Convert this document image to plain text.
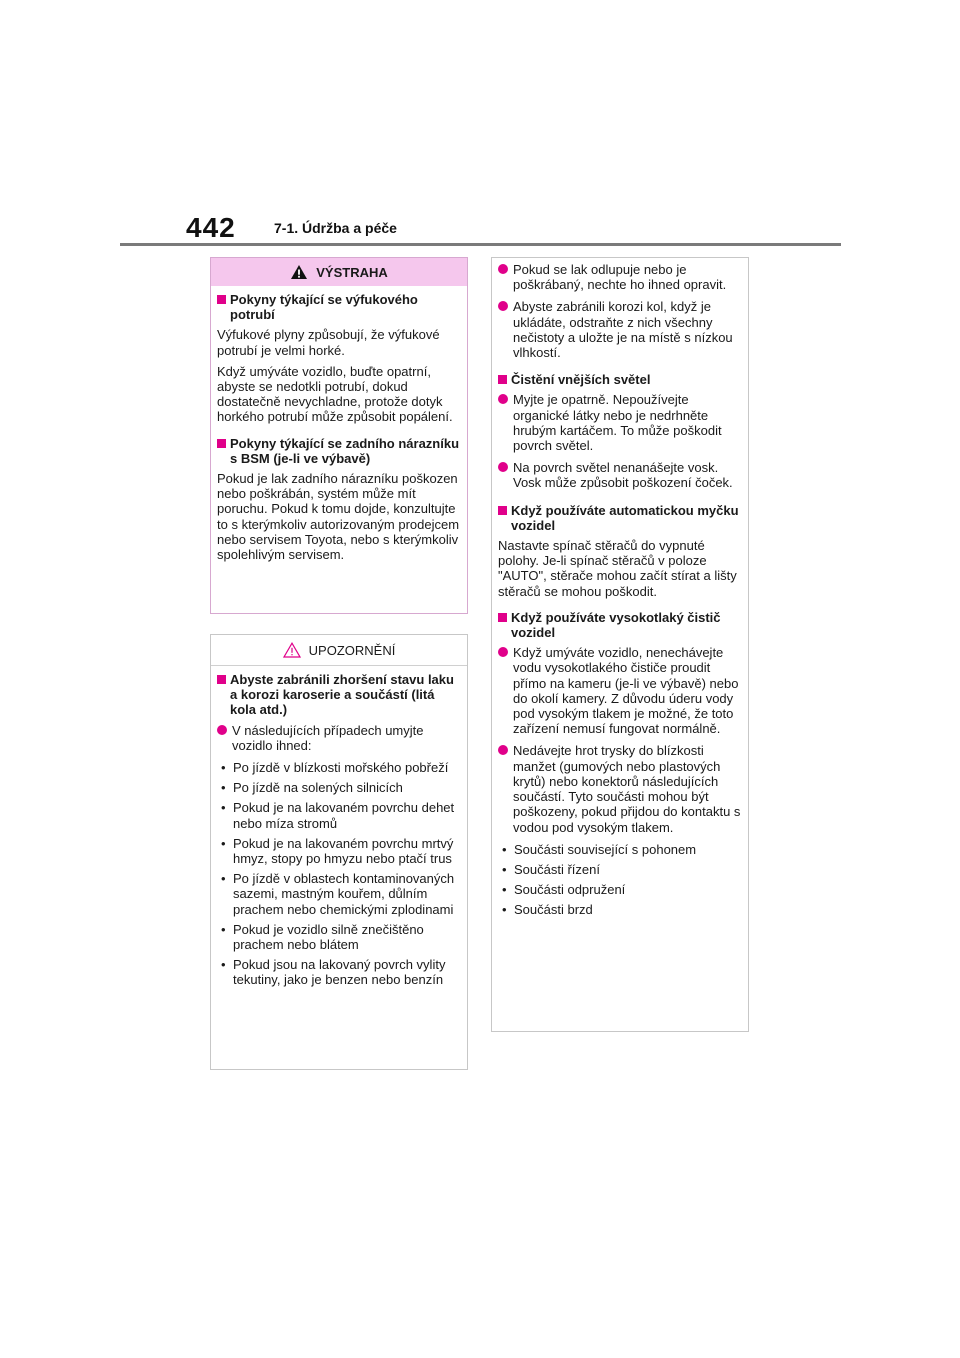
442	7-1. Údržba a péče
VÝSTRAHA
Pokyny týkající se výfukového potrubí
Výfukové plyny způsobují, že výfukové potrubí je velmi horké.
Když umýváte vozidlo, buďte opatrní, abyste se nedotkli potrubí, dokud dostatečně nevychladne, protože dotyk horkého potrubí může způsobit popálení.
Pokyny týkající se zadního nárazníku s BSM (je-li ve výbavě)
Pokud je lak zadního nárazníku poškozen nebo poškrábán, systém může mít poruchu. Pokud k tomu dojde, konzultujte to s kterýmkoliv autorizovaným prodejcem nebo servisem Toyota, nebo s kterýmkoliv spolehlivým servisem.
UPOZORNĚNÍ
Abyste zabránili zhoršení stavu laku a korozi karoserie a součástí (litá kola atd.)
V následujících případech umyjte vozidlo ihned:
• Po jízdě v blízkosti mořského pobřeží
• Po jízdě na solených silnicích
• Pokud je na lakovaném povrchu dehet nebo míza stromů
• Pokud je na lakovaném povrchu mrtvý hmyz, stopy po hmyzu nebo ptačí trus
• Po jízdě v oblastech kontaminovaných sazemi, mastným kouřem, důlním prachem nebo chemickými zplodinami
• Pokud je vozidlo silně znečištěno prachem nebo blátem
• Pokud jsou na lakovaný povrch vylity tekutiny, jako je benzen nebo benzín
Pokud se lak odlupuje nebo je poškrábaný, nechte ho ihned opravit.
Abyste zabránili korozi kol, když je ukládáte, odstraňte z nich všechny nečistoty a uložte je na místě s nízkou vlhkostí.
Čistění vnějších světel
Myjte je opatrně. Nepoužívejte organické látky nebo je nedrhněte hrubým kartáčem. To může poškodit povrch světel.
Na povrch světel nenanášejte vosk. Vosk může způsobit poškození čoček.
Když používáte automatickou myčku vozidel
Nastavte spínač stěračů do vypnuté polohy. Je-li spínač stěračů v poloze "AUTO", stěrače mohou začít stírat a lišty stěračů se mohou poškodit.
Když používáte vysokotlaký čistič vozidel
Když umýváte vozidlo, nenechávejte vodu vysokotlakého čističe proudit přímo na kameru (je-li ve výbavě) nebo do okolí kamery. Z důvodu úderu vody pod vysokým tlakem je možné, že toto zařízení nemusí fungovat normálně.
Nedávejte hrot trysky do blízkosti manžet (gumových nebo plastových krytů) nebo konektorů následujících součástí. Tyto součásti mohou být poškozeny, pokud přijdou do kontaktu s vodou pod vysokým tlakem.
• Součásti související s pohonem
• Součásti řízení
• Součásti odpružení
• Součásti brzd
